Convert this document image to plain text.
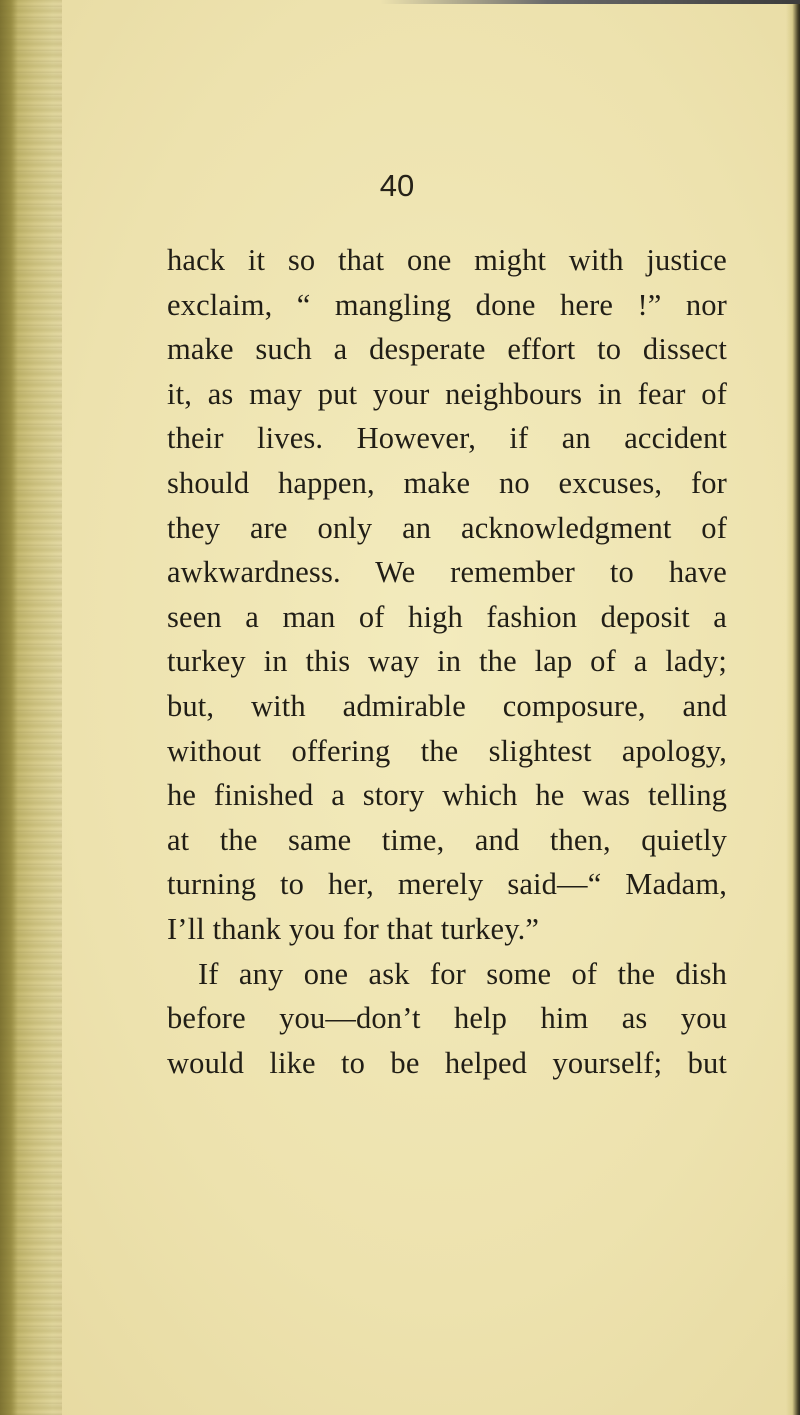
40
hack it so that one might with justice
exclaim, “ mangling done here !” nor
make such a desperate effort to dissect
it, as may put your neighbours in fear of
their lives. However, if an accident
should happen, make no excuses, for
they are only an acknowledgment of
awkwardness. We remember to have
seen a man of high fashion deposit a
turkey in this way in the lap of a lady;
but, with admirable composure, and
without offering the slightest apology,
he finished a story which he was telling
at the same time, and then, quietly
turning to her, merely said—“ Madam,
I’ll thank you for that turkey.”
If any one ask for some of the dish
before you—don’t help him as you
would like to be helped yourself; but
